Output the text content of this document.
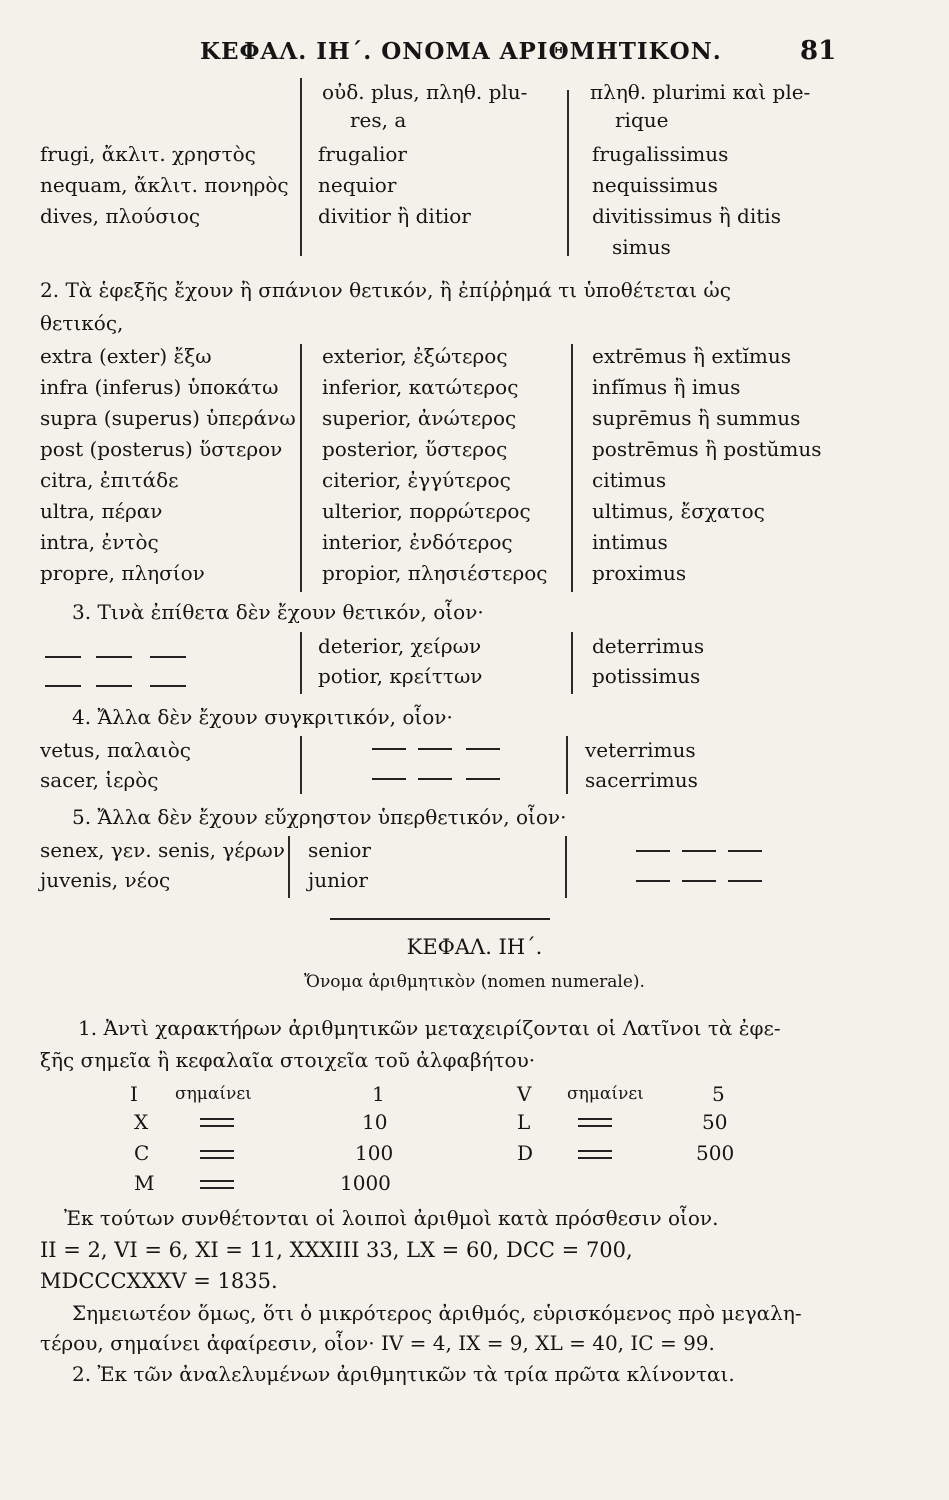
ΚΕΦΑΛ. ΙΗ΄. ΟΝΟΜΑ ΑΡΙΘΜΗΤΙΚΟΝ.	81
οὐδ. plus, πληθ. plu-
res, a
πληθ. plurimi καὶ ple-
rique
frugi, ἄκλιτ. χρηστὸς	frugalior	frugalissimus
nequam, ἄκλιτ. πονηρὸς nequior	nequissimus
dives, πλούσιος	divitior ἢ ditior	divitissimus ἢ ditis
simus
2. Τὰ ἑφεξῆς ἔχουν ἢ σπάνιον θετικόν, ἢ ἐπίῤῥημά τι ὑποθέτεται ὡς
θετικός,
extra (exter) ἔξω	exterior, ἐξώτερος	extrēmus ἢ extĭmus
infra (inferus) ὑποκάτω inferior, κατώτερος	infĭmus ἢ imus
supra (superus) ὑπεράνω superior, ἀνώτερος	suprēmus ἢ summus
post (posterus) ὕστερον posterior, ὕστερος	postrēmus ἢ postŭmus
citra, ἐπιτάδε	citerior, ἐγγύτερος	citimus
ultra, πέραν	ulterior, πορρώτερος	ultimus, ἔσχατος
intra, ἐντὸς	interior, ἐνδότερος	intimus
propre, πλησίον	propior, πλησιέστερος proximus
3. Τινὰ ἐπίθετα δὲν ἔχουν θετικόν, οἷον·
deterior, χείρων	deterrimus
potior, κρείττων	potissimus
4. Ἄλλα δὲν ἔχουν συγκριτικόν, οἷον·
vetus, παλαιὸς	veterrimus
sacer, ἱερὸς	sacerrimus
5. Ἄλλα δὲν ἔχουν εὔχρηστον ὑπερθετικόν, οἷον·
senex, γεν. senis, γέρων senior
juvenis, νέος	junior
ΚΕΦΑΛ. ΙΗ΄.
Ὄνομα ἀριθμητικὸν (nomen numerale).
1. Ἀντὶ χαρακτήρων ἀριθμητικῶν μεταχειρίζονται οἱ Λατῖνοι τὰ ἐφε-
ξῆς σημεῖα ἢ κεφαλαῖα στοιχεῖα τοῦ ἀλφαβήτου·
I σημαίνει	1	V σημαίνει	5
X	10	L	50
C	100	D	500
M	1000
Ἐκ τούτων συνθέτονται οἱ λοιποὶ ἀριθμοὶ κατὰ πρόσθεσιν οἷον.
II = 2, VI = 6, XI = 11, XXXIII 33, LX = 60, DCC = 700,
MDCCCXXXV = 1835.
Σημειωτέον ὅμως, ὅτι ὁ μικρότερος ἀριθμός, εὑρισκόμενος πρὸ μεγαλη-
τέρου, σημαίνει ἀφαίρεσιν, οἷον· IV = 4, IX = 9, XL = 40, IC = 99.
2. Ἐκ τῶν ἀναλελυμένων ἀριθμητικῶν τὰ τρία πρῶτα κλίνονται.
